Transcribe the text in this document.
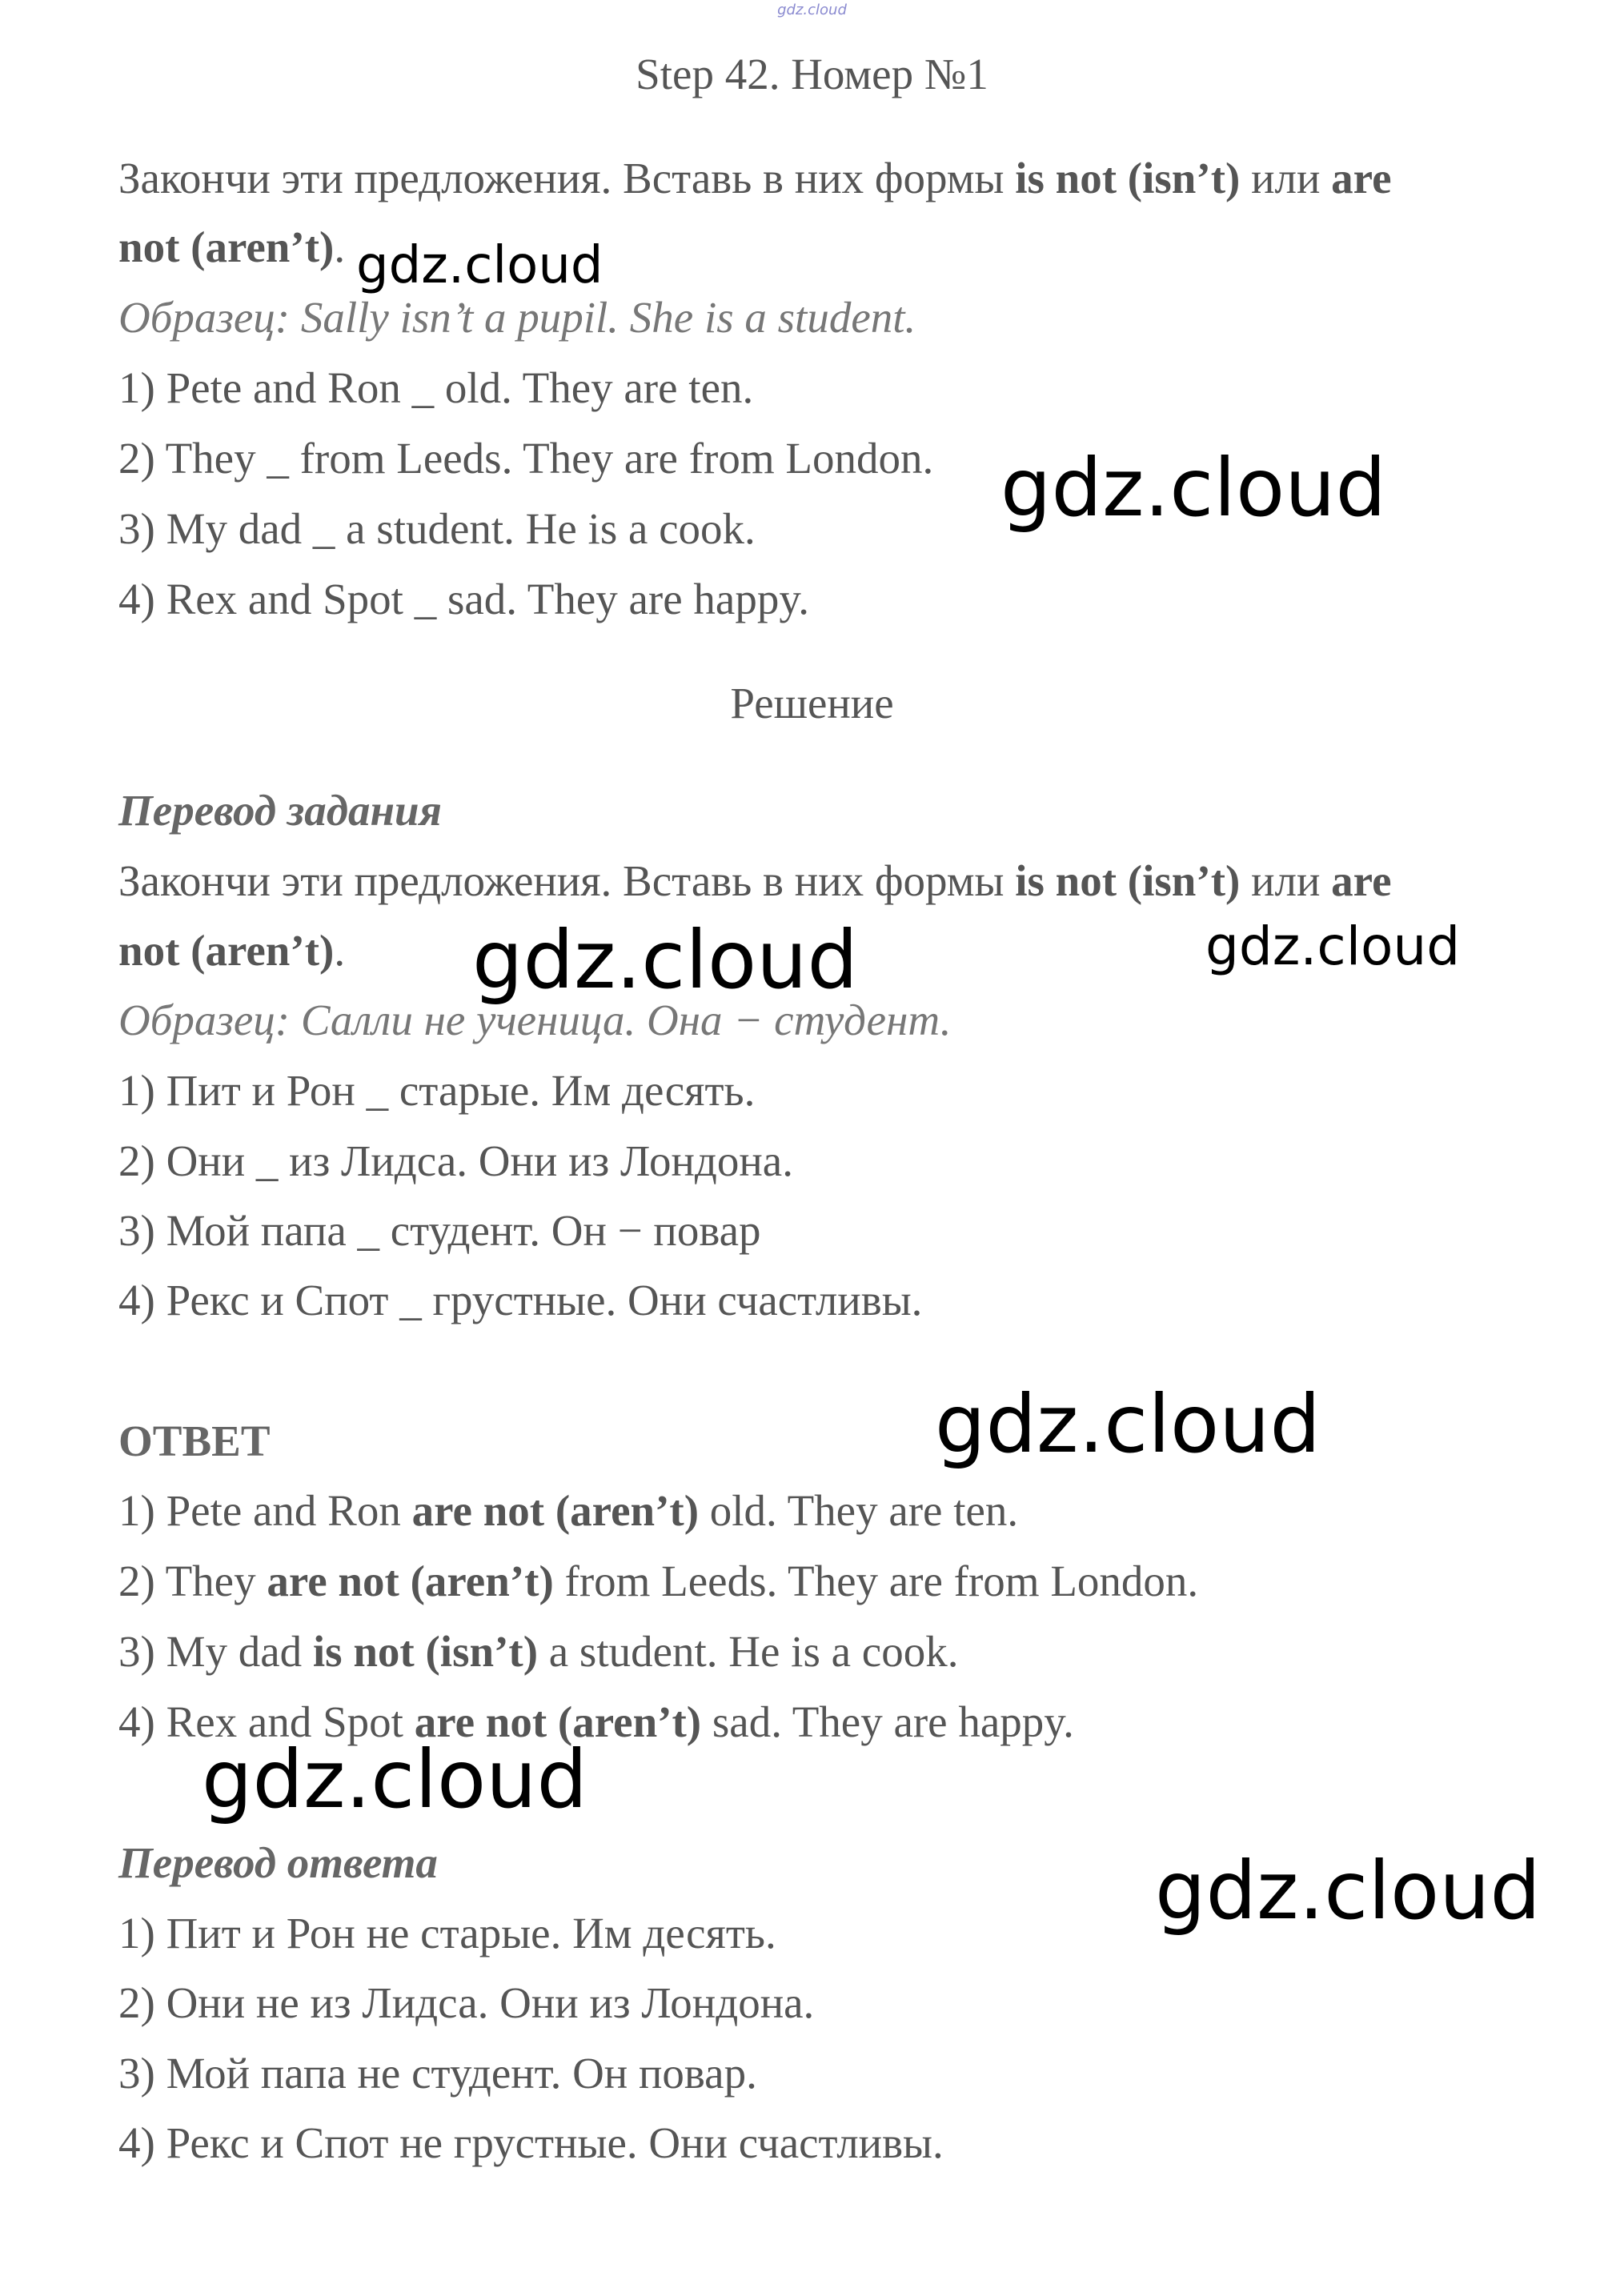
gdz.cloud

Step 42. Номер №1

Закончи эти предложения. Вставь в них формы is not (isn’t) или are

not (aren’t).

Образец: Sally isn’t a pupil. She is a student.

1) Pete and Ron _ old. They are ten.

2) They _ from Leeds. They are from London.

3) My dad _ a student. He is a cook.

4) Rex and Spot _ sad. They are happy.

Решение

Перевод задания

Закончи эти предложения. Вставь в них формы is not (isn’t) или are

not (aren’t).

Образец: Салли не ученица. Она − студент.

1) Пит и Рон _ старые. Им десять.

2) Они _ из Лидса. Они из Лондона.

3) Мой папа _ студент. Он − повар

4) Рекс и Спот _ грустные. Они счастливы.

ОТВЕТ

1) Pete and Ron are not (aren’t) old. They are ten.

2) They are not (aren’t) from Leeds. They are from London.

3) My dad is not (isn’t) a student. He is a cook.

4) Rex and Spot are not (aren’t) sad. They are happy.

Перевод ответа

1) Пит и Рон не старые. Им десять.

2) Они не из Лидса. Они из Лондона.

3) Мой папа не студент. Он повар.

4) Рекс и Спот не грустные. Они счастливы.

gdz.cloud
gdz.cloud
gdz.cloud	gdz.cloud
gdz.cloud
gdz.cloud
gdz.cloud
